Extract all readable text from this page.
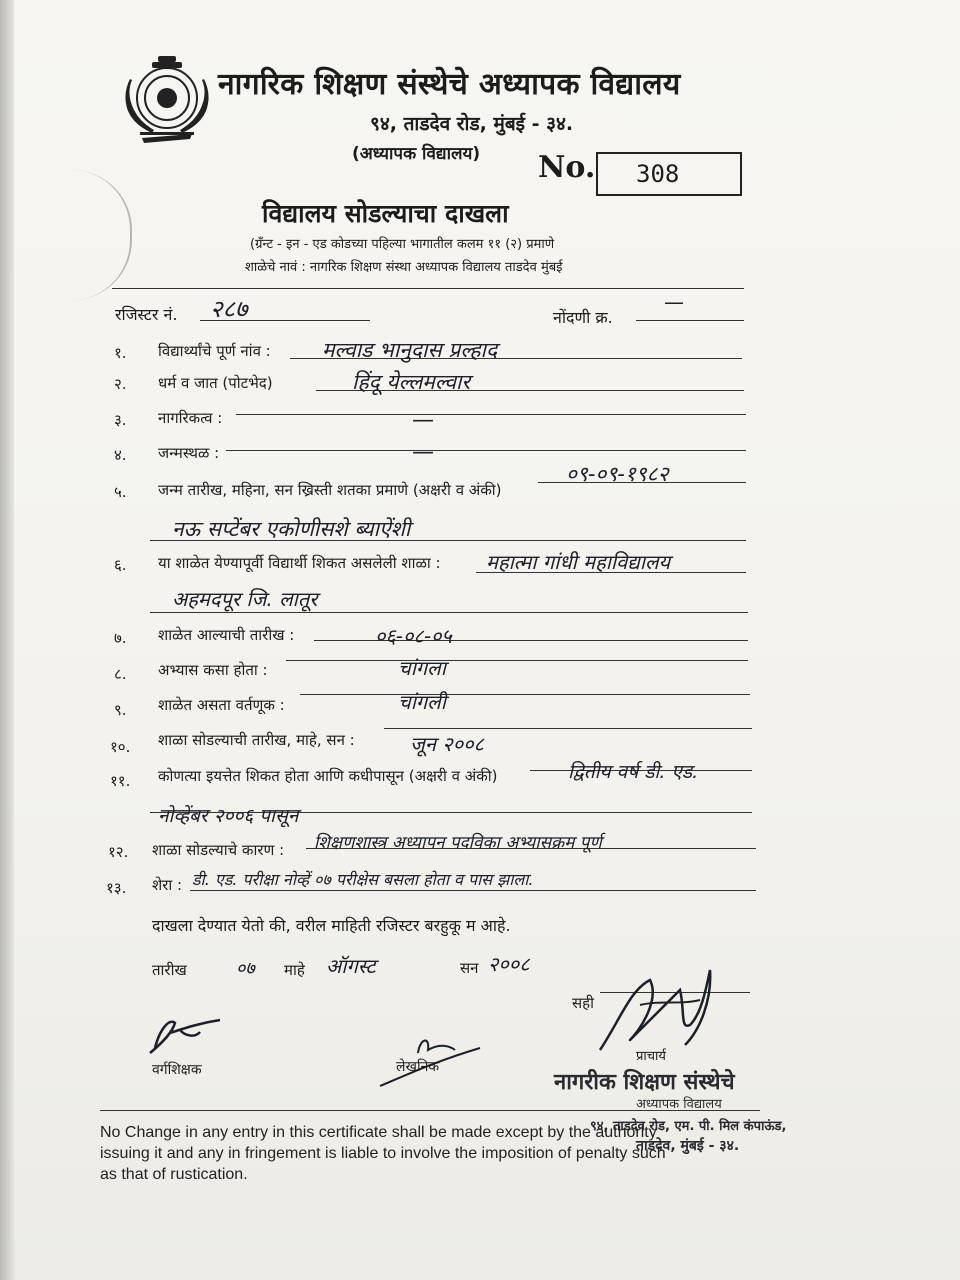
नागरिक शिक्षण संस्थेचे अध्यापक विद्यालय
९४, ताडदेव रोड, मुंबई - ३४.
(अध्यापक विद्यालय) No. 308
विद्यालय सोडल्याचा दाखला
(ग्रँन्ट - इन - एड कोडच्या पहिल्या भागातील कलम ११ (२) प्रमाणे
शाळेचे नावं : नागरिक शिक्षण संस्था अध्यापक विद्यालय ताडदेव मुंबई
रजिस्टर नं. २८७	नोंदणी क्र.
—
१. विद्यार्थ्यांचे पूर्ण नांव : मल्वाड भानुदास प्रल्हाद
२. धर्म व जात (पोटभेद)	हिंदू येल्लमल्वार
३. नागरिकत्व :	—
४. जन्मस्थळ :	—
५. जन्म तारीख, महिना, सन ख्रिस्ती शतका प्रमाणे (अक्षरी व अंकी)
०९-०९-१९८२
नऊ सप्टेंबर एकोणीसशे ब्याऐंशी
६. या शाळेत येण्यापूर्वी विद्यार्थी शिकत असलेली शाळा : महात्मा गांधी महाविद्यालय
अहमदपूर जि. लातूर
७. शाळेत आल्याची तारीख :	०६-०८-०५
८. अभ्यास कसा होता :	चांगला
९. शाळेत असता वर्तणूक :	चांगली
१०. शाळा सोडल्याची तारीख, माहे, सन :	जून २००८
११. कोणत्या इयत्तेत शिकत होता आणि कधीपासून (अक्षरी व अंकी)	द्वितीय वर्ष डी. एड.
नोव्हेंबर २००६ पासून
१२. शाळा सोडल्याचे कारण : शिक्षणशास्त्र अध्यापन पदविका अभ्यासक्रम पूर्ण
१३. शेरा : डी. एड. परीक्षा नोव्हें ०७ परीक्षेस बसला होता व पास झाला.
दाखला देण्यात येतो की, वरील माहिती रजिस्टर बरहुकू म आहे.
तारीख	०७ माहे ऑगस्ट	सन २००८
सही
प्राचार्य
वर्गशिक्षक	लेखनिक
नागरीक शिक्षण संस्थेचे
अध्यापक विद्यालय
९४, ताडदेव रोड, एम. पी. मिल कंपाऊंड,
ताडदेव, मुंबई - ३४.
No Change in any entry in this certificate shall be made except by the authority
issuing it and any in fringement is liable to involve the imposition of penalty such
as that of rustication.
